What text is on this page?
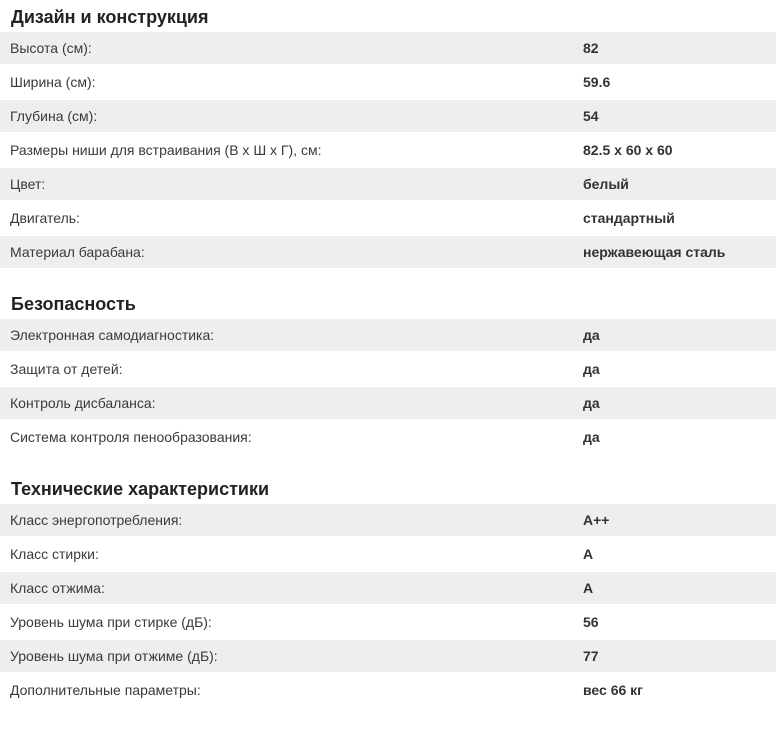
Дизайн и конструкция
Высота (см):	82
Ширина (см):	59.6
Глубина (см):	54
Размеры ниши для встраивания (В х Ш х Г), см:	82.5 x 60 x 60
Цвет:	белый
Двигатель:	стандартный
Материал барабана:	нержавеющая сталь
Безопасность
Электронная самодиагностика:	да
Защита от детей:	да
Контроль дисбаланса:	да
Система контроля пенообразования:	да
Технические характеристики
Класс энергопотребления:	A++
Класс стирки:	A
Класс отжима:	A
Уровень шума при стирке (дБ):	56
Уровень шума при отжиме (дБ):	77
Дополнительные параметры:	вес 66 кг
